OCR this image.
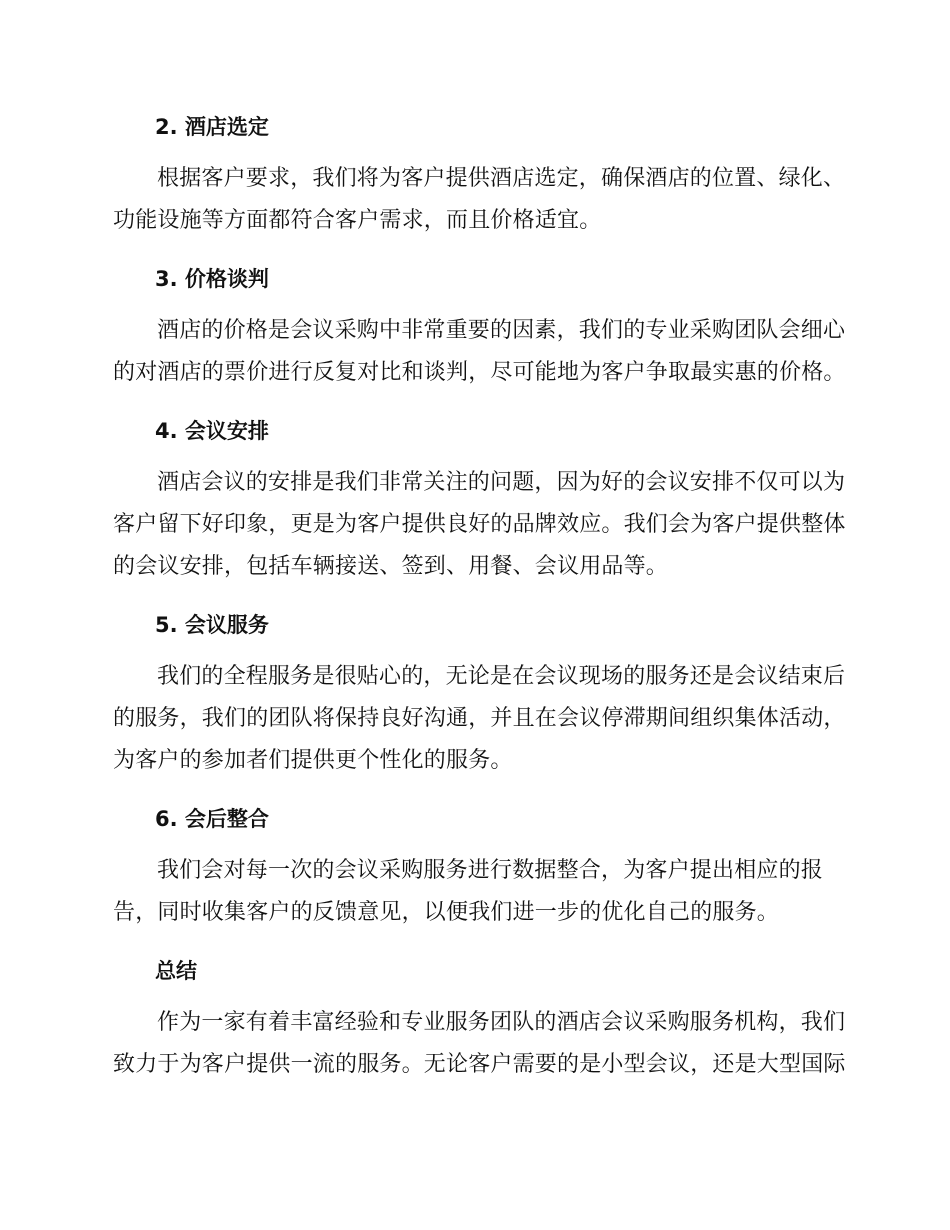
2. 酒店选定
根据客户要求，我们将为客户提供酒店选定，确保酒店的位置、绿化、
功能设施等方面都符合客户需求，而且价格适宜。
3. 价格谈判
酒店的价格是会议采购中非常重要的因素，我们的专业采购团队会细心
的对酒店的票价进行反复对比和谈判，尽可能地为客户争取最实惠的价格。
4. 会议安排
酒店会议的安排是我们非常关注的问题，因为好的会议安排不仅可以为
客户留下好印象，更是为客户提供良好的品牌效应。我们会为客户提供整体
的会议安排，包括车辆接送、签到、用餐、会议用品等。
5. 会议服务
我们的全程服务是很贴心的，无论是在会议现场的服务还是会议结束后
的服务，我们的团队将保持良好沟通，并且在会议停滞期间组织集体活动，
为客户的参加者们提供更个性化的服务。
6. 会后整合
我们会对每一次的会议采购服务进行数据整合，为客户提出相应的报
告，同时收集客户的反馈意见，以便我们进一步的优化自己的服务。
总结
作为一家有着丰富经验和专业服务团队的酒店会议采购服务机构，我们
致力于为客户提供一流的服务。无论客户需要的是小型会议，还是大型国际
